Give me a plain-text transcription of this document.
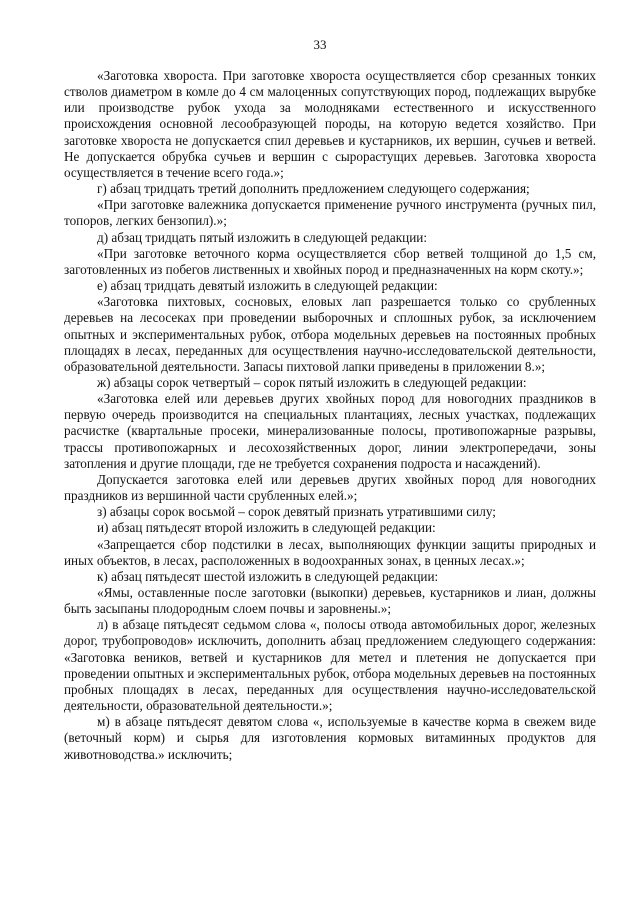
33

«Заготовка хвороста. При заготовке хвороста осуществляется сбор срезанных тонких стволов диаметром в комле до 4 см малоценных сопутствующих пород, подлежащих вырубке или производстве рубок ухода за молодняками естественного и искусственного происхождения основной лесообразующей породы, на которую ведется хозяйство. При заготовке хвороста не допускается спил деревьев и кустарников, их вершин, сучьев и ветвей. Не допускается обрубка сучьев и вершин с сырорастущих деревьев. Заготовка хвороста осуществляется в течение всего года.»;

г) абзац тридцать третий дополнить предложением следующего содержания;

«При заготовке валежника допускается применение ручного инструмента (ручных пил, топоров, легких бензопил).»;

д) абзац тридцать пятый изложить в следующей редакции:

«При заготовке веточного корма осуществляется сбор ветвей толщиной до 1,5 см, заготовленных из побегов лиственных и хвойных пород и предназначенных на корм скоту.»;

е) абзац тридцать девятый изложить в следующей редакции:

«Заготовка пихтовых, сосновых, еловых лап разрешается только со срубленных деревьев на лесосеках при проведении выборочных и сплошных рубок, за исключением опытных и экспериментальных рубок, отбора модельных деревьев на постоянных пробных площадях в лесах, переданных для осуществления научно-исследовательской деятельности, образовательной деятельности. Запасы пихтовой лапки приведены в приложении 8.»;

ж) абзацы сорок четвертый – сорок пятый изложить в следующей редакции:

«Заготовка елей или деревьев других хвойных пород для новогодних праздников в первую очередь производится на специальных плантациях, лесных участках, подлежащих расчистке (квартальные просеки, минерализованные полосы, противопожарные разрывы, трассы противопожарных и лесохозяйственных дорог, линии электропередачи, зоны затопления и другие площади, где не требуется сохранения подроста и насаждений).

Допускается заготовка елей или деревьев других хвойных пород для новогодних праздников из вершинной части срубленных елей.»;

з) абзацы сорок восьмой – сорок девятый признать утратившими силу;

и) абзац пятьдесят второй изложить в следующей редакции:

«Запрещается сбор подстилки в лесах, выполняющих функции защиты природных и иных объектов, в лесах, расположенных в водоохранных зонах, в ценных лесах.»;

к) абзац пятьдесят шестой изложить в следующей редакции:

«Ямы, оставленные после заготовки (выкопки) деревьев, кустарников и лиан, должны быть засыпаны плодородным слоем почвы и заровнены.»;

л) в абзаце пятьдесят седьмом слова «, полосы отвода автомобильных дорог, железных дорог, трубопроводов» исключить, дополнить абзац предложением следующего содержания: «Заготовка веников, ветвей и кустарников для метел и плетения не допускается при проведении опытных и экспериментальных рубок, отбора модельных деревьев на постоянных пробных площадях в лесах, переданных для осуществления научно-исследовательской деятельности, образовательной деятельности.»;

м) в абзаце пятьдесят девятом слова «, используемые в качестве корма в свежем виде (веточный корм) и сырья для изготовления кормовых витаминных продуктов для животноводства.» исключить;
